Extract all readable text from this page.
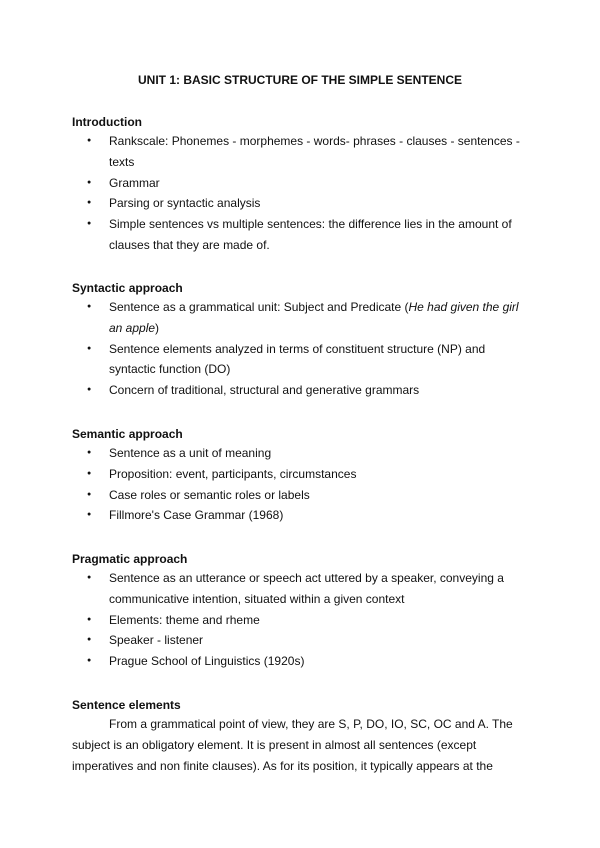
UNIT 1: BASIC STRUCTURE OF THE SIMPLE SENTENCE
Introduction
● Rankscale: Phonemes - morphemes - words- phrases - clauses - sentences - texts
● Grammar
● Parsing or syntactic analysis
● Simple sentences vs multiple sentences: the difference lies in the amount of clauses that they are made of.
Syntactic approach
● Sentence as a grammatical unit: Subject and Predicate (He had given the girl an apple)
● Sentence elements analyzed in terms of constituent structure (NP) and syntactic function (DO)
● Concern of traditional, structural and generative grammars
Semantic approach
● Sentence as a unit of meaning
● Proposition: event, participants, circumstances
● Case roles or semantic roles or labels
● Fillmore's Case Grammar (1968)
Pragmatic approach
● Sentence as an utterance or speech act uttered by a speaker, conveying a communicative intention, situated within a given context
● Elements: theme and rheme
● Speaker - listener
● Prague School of Linguistics (1920s)
Sentence elements

From a grammatical point of view, they are S, P, DO, IO, SC, OC and A. The subject is an obligatory element. It is present in almost all sentences (except imperatives and non finite clauses). As for its position, it typically appears at the
